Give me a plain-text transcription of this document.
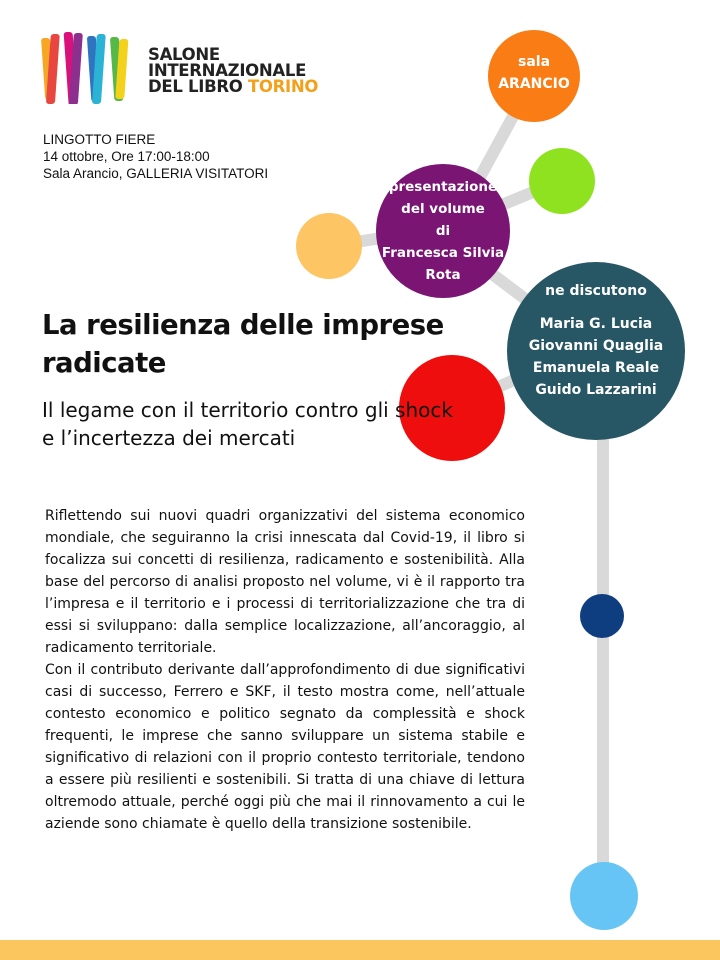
SALONE
INTERNAZIONALE
DEL LIBRO TORINO
LINGOTTO FIERE
14 ottobre, Ore 17:00-18:00
Sala Arancio, GALLERIA VISITATORI
sala
ARANCIO
presentazione
del volume
di
Francesca Silvia
Rota
La resilienza delle imprese
radicate
Il legame con il territorio contro gli shock
e l’incertezza dei mercati
ne discutono
Maria G. Lucia
Giovanni Quaglia
Emanuela Reale
Guido Lazzarini

Riflettendo sui nuovi quadri organizzativi del sistema economico mondiale, che seguiranno la crisi innescata dal Covid-19, il libro si focalizza sui concetti di resilienza, radicamento e sostenibilità. Alla base del percorso di analisi proposto nel volume, vi è il rapporto tra l’impresa e il territorio e i processi di territorializzazione che tra di essi si sviluppano: dalla semplice localizzazione, all’ancoraggio, al radicamento territoriale.

Con il contributo derivante dall’approfondimento di due significativi casi di successo, Ferrero e SKF, il testo mostra come, nell’attuale contesto economico e politico segnato da complessità e shock frequenti, le imprese che sanno sviluppare un sistema stabile e significativo di relazioni con il proprio contesto territoriale, tendono a essere più resilienti e sostenibili. Si tratta di una chiave di lettura oltremodo attuale, perché oggi più che mai il rinnovamento a cui le aziende sono chiamate è quello della transizione sostenibile.
